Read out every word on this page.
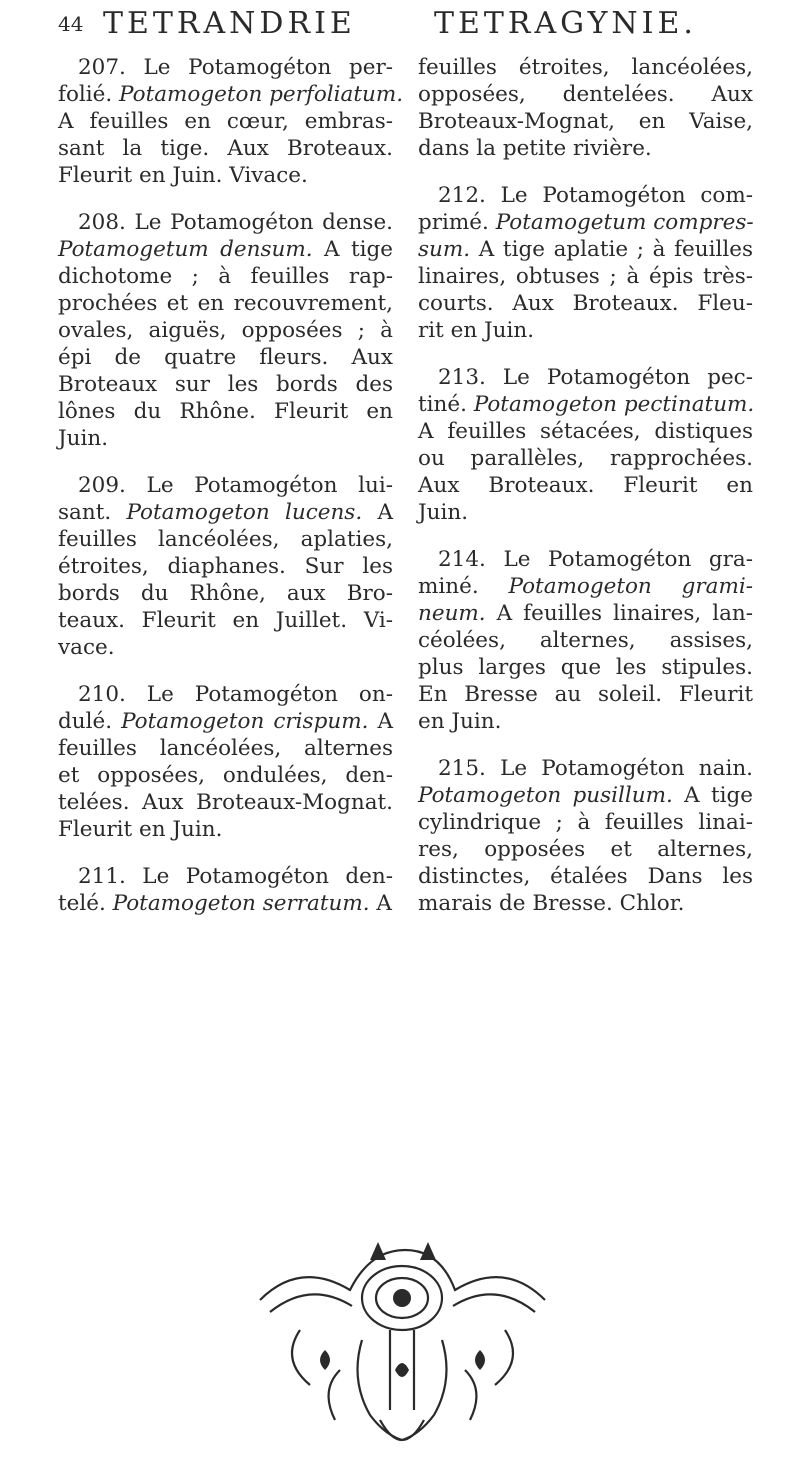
44 TETRANDRIE	TETRAGYNIE.
207. Le Potamogéton per-
folié. Potamogeton perfoliatum.
A feuilles en cœur, embras-
sant la tige. Aux Broteaux.
Fleurit en Juin. Vivace.
208. Le Potamogéton dense.
Potamogetum densum. A tige
dichotome ; à feuilles rap-
prochées et en recouvrement,
ovales, aiguës, opposées ; à
épi de quatre fleurs. Aux
Broteaux sur les bords des
lônes du Rhône. Fleurit en
Juin.
209. Le Potamogéton lui-
sant. Potamogeton lucens. A
feuilles lancéolées, aplaties,
étroites, diaphanes. Sur les
bords du Rhône, aux Bro-
teaux. Fleurit en Juillet. Vi-
vace.
210. Le Potamogéton on-
dulé. Potamogeton crispum. A
feuilles lancéolées, alternes
et opposées, ondulées, den-
telées. Aux Broteaux-Mognat.
Fleurit en Juin.
211. Le Potamogéton den-
telé. Potamogeton serratum. A
feuilles étroites, lancéolées,
opposées, dentelées. Aux
Broteaux-Mognat, en Vaise,
dans la petite rivière.
212. Le Potamogéton com-
primé. Potamogetum compres-
sum. A tige aplatie ; à feuilles
linaires, obtuses ; à épis très-
courts. Aux Broteaux. Fleu-
rit en Juin.
213. Le Potamogéton pec-
tiné. Potamogeton pectinatum.
A feuilles sétacées, distiques
ou parallèles, rapprochées.
Aux Broteaux. Fleurit en
Juin.
214. Le Potamogéton gra-
miné. Potamogeton grami-
neum. A feuilles linaires, lan-
céolées, alternes, assises,
plus larges que les stipules.
En Bresse au soleil. Fleurit
en Juin.
215. Le Potamogéton nain.
Potamogeton pusillum. A tige
cylindrique ; à feuilles linai-
res, opposées et alternes,
distinctes, étalées Dans les
marais de Bresse. Chlor.
